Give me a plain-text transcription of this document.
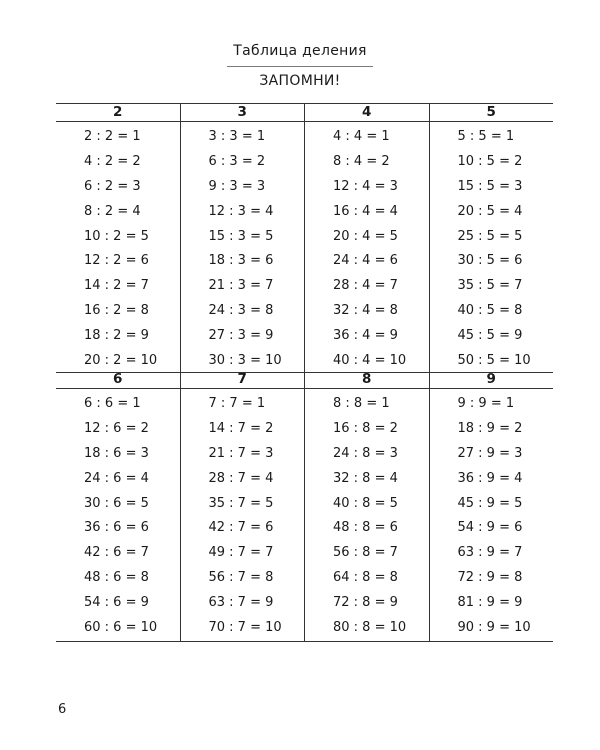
Таблица деления
ЗАПОМНИ!
2
2 : 2 = 1
4 : 2 = 2
6 : 2 = 3
8 : 2 = 4
10 : 2 = 5
12 : 2 = 6
14 : 2 = 7
16 : 2 = 8
18 : 2 = 9
20 : 2 = 10
3
3 : 3 = 1
6 : 3 = 2
9 : 3 = 3
12 : 3 = 4
15 : 3 = 5
18 : 3 = 6
21 : 3 = 7
24 : 3 = 8
27 : 3 = 9
30 : 3 = 10
4
4 : 4 = 1
8 : 4 = 2
12 : 4 = 3
16 : 4 = 4
20 : 4 = 5
24 : 4 = 6
28 : 4 = 7
32 : 4 = 8
36 : 4 = 9
40 : 4 = 10
5
5 : 5 = 1
10 : 5 = 2
15 : 5 = 3
20 : 5 = 4
25 : 5 = 5
30 : 5 = 6
35 : 5 = 7
40 : 5 = 8
45 : 5 = 9
50 : 5 = 10
6
6 : 6 = 1
12 : 6 = 2
18 : 6 = 3
24 : 6 = 4
30 : 6 = 5
36 : 6 = 6
42 : 6 = 7
48 : 6 = 8
54 : 6 = 9
60 : 6 = 10
7
7 : 7 = 1
14 : 7 = 2
21 : 7 = 3
28 : 7 = 4
35 : 7 = 5
42 : 7 = 6
49 : 7 = 7
56 : 7 = 8
63 : 7 = 9
70 : 7 = 10
8
8 : 8 = 1
16 : 8 = 2
24 : 8 = 3
32 : 8 = 4
40 : 8 = 5
48 : 8 = 6
56 : 8 = 7
64 : 8 = 8
72 : 8 = 9
80 : 8 = 10
9
9 : 9 = 1
18 : 9 = 2
27 : 9 = 3
36 : 9 = 4
45 : 9 = 5
54 : 9 = 6
63 : 9 = 7
72 : 9 = 8
81 : 9 = 9
90 : 9 = 10
6
